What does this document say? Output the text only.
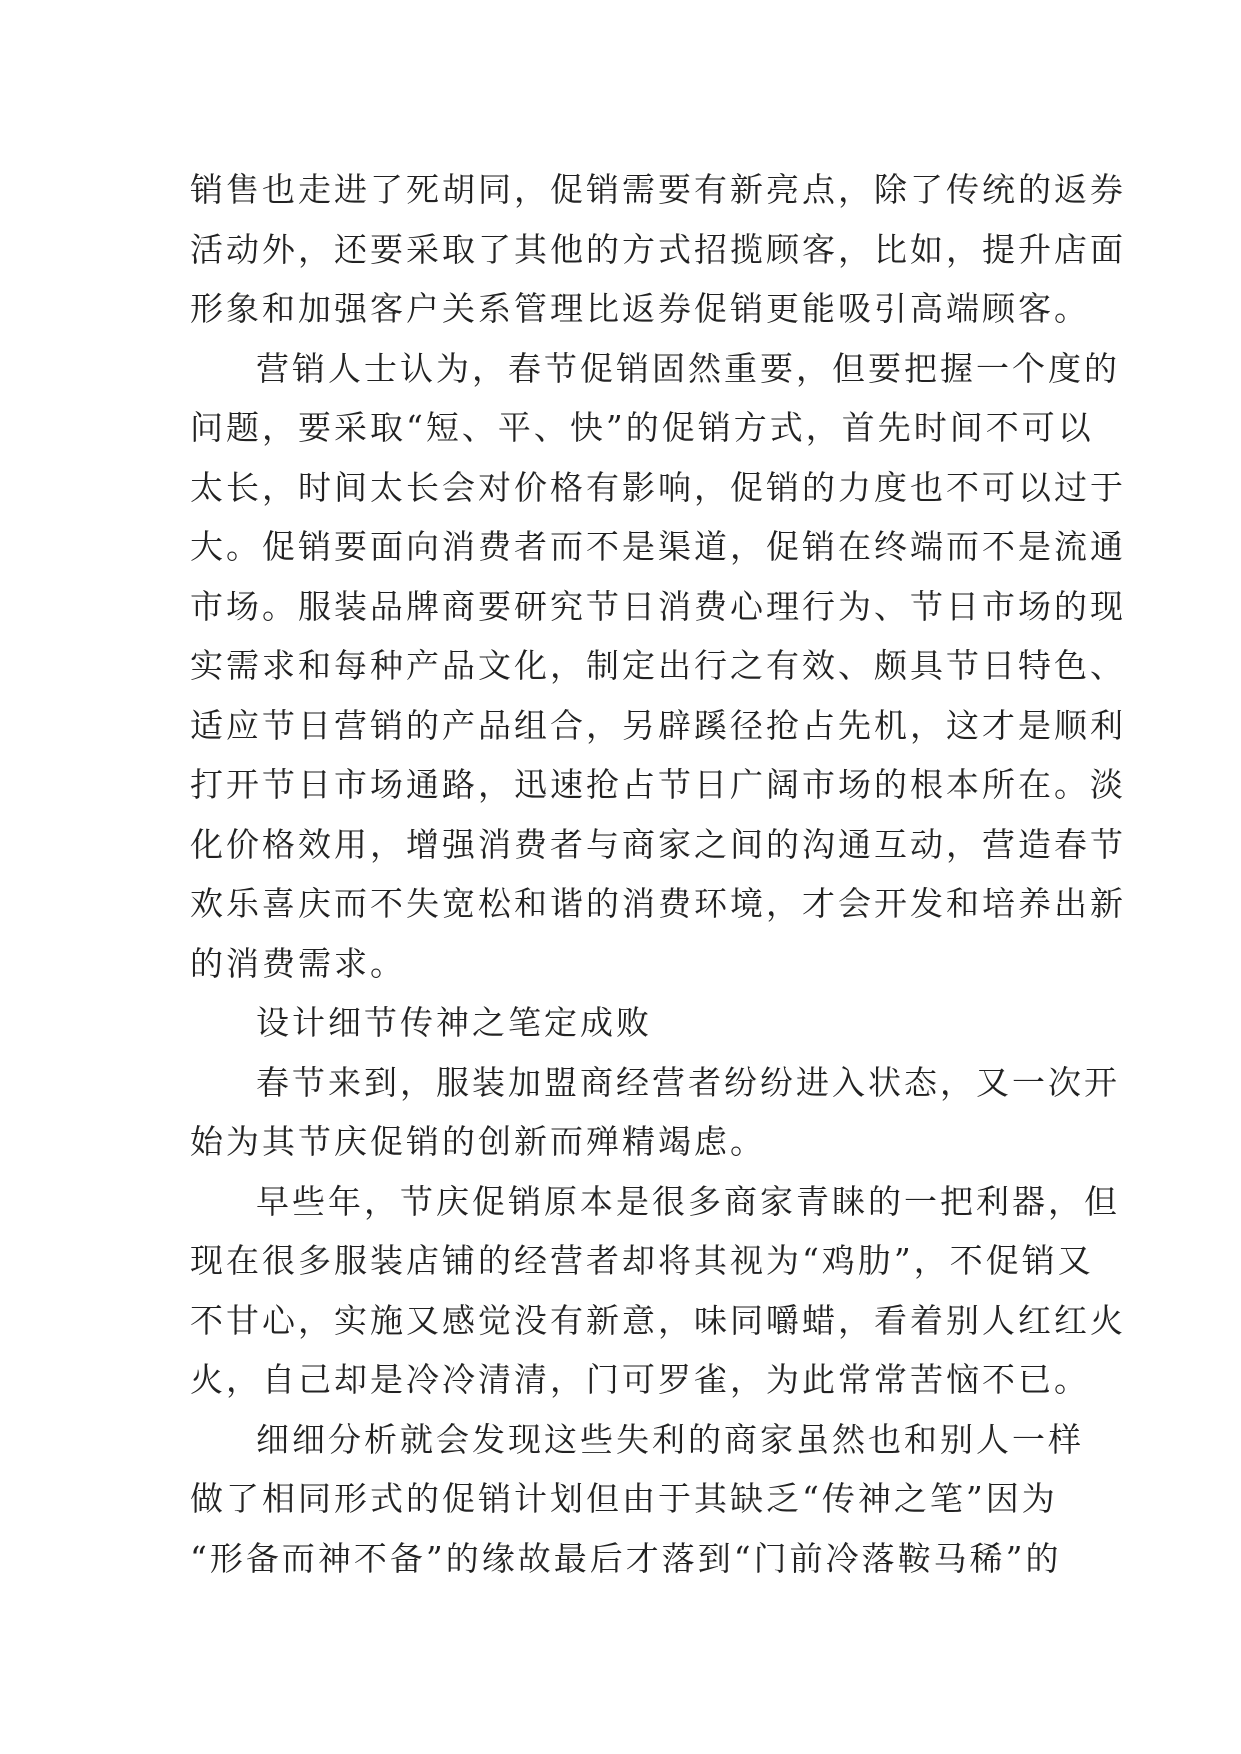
销售也走进了死胡同，促销需要有新亮点，除了传统的返券
活动外，还要采取了其他的方式招揽顾客，比如，提升店面
形象和加强客户关系管理比返券促销更能吸引高端顾客。
营销人士认为，春节促销固然重要，但要把握一个度的
问题，要采取“短、平、快”的促销方式，首先时间不可以
太长，时间太长会对价格有影响，促销的力度也不可以过于
大。促销要面向消费者而不是渠道，促销在终端而不是流通
市场。服装品牌商要研究节日消费心理行为、节日市场的现
实需求和每种产品文化，制定出行之有效、颇具节日特色、
适应节日营销的产品组合，另辟蹊径抢占先机，这才是顺利
打开节日市场通路，迅速抢占节日广阔市场的根本所在。淡
化价格效用，增强消费者与商家之间的沟通互动，营造春节
欢乐喜庆而不失宽松和谐的消费环境，才会开发和培养出新
的消费需求。
设计细节传神之笔定成败
春节来到，服装加盟商经营者纷纷进入状态，又一次开
始为其节庆促销的创新而殚精竭虑。
早些年，节庆促销原本是很多商家青睐的一把利器，但
现在很多服装店铺的经营者却将其视为“鸡肋”，不促销又
不甘心，实施又感觉没有新意，味同嚼蜡，看着别人红红火
火，自己却是冷冷清清，门可罗雀，为此常常苦恼不已。
细细分析就会发现这些失利的商家虽然也和别人一样
做了相同形式的促销计划但由于其缺乏“传神之笔”因为
“形备而神不备”的缘故最后才落到“门前冷落鞍马稀”的
